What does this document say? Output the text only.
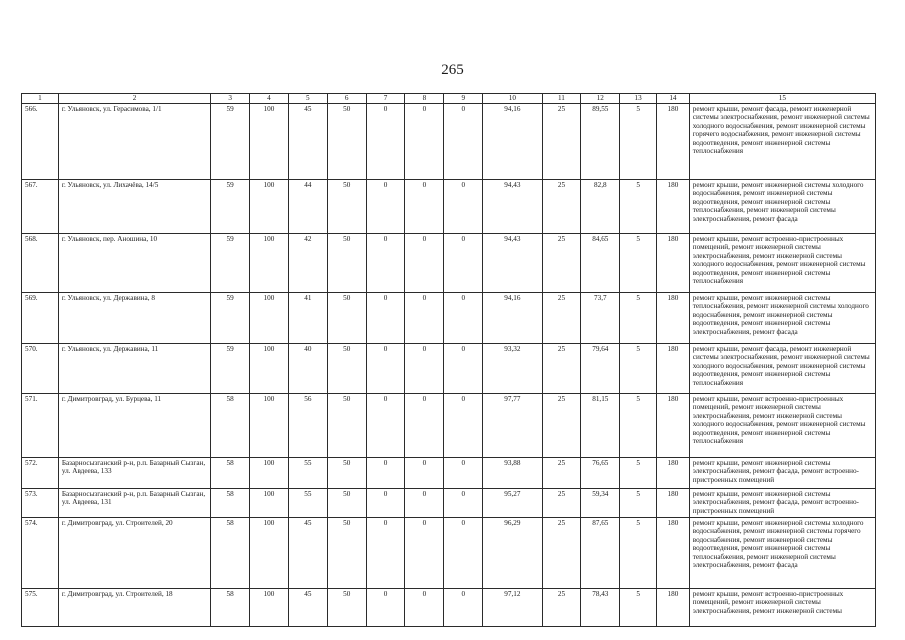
265
1	2	3	4	5	6	7	8	9	10	11	12	13	14	15
566.	г. Ульяновск, ул. Герасимова, 1/1	59	100	45	50	0	0	0	94,16	25	89,55	5	180	ремонт крыши, ремонт фасада, ремонт инженерной системы электроснабжения, ремонт инженерной системы холодного водоснабжения, ремонт инженерной системы горячего водоснабжения, ремонт инженерной системы водоотведения, ремонт инженерной системы теплоснабжения
567.	г. Ульяновск, ул. Лихачёва, 14/5	59	100	44	50	0	0	0	94,43	25	82,8	5	180	ремонт крыши, ремонт инженерной системы холодного водоснабжения, ремонт инженерной системы водоотведения, ремонт инженерной системы теплоснабжения, ремонт инженерной системы электроснабжения, ремонт фасада
568.	г. Ульяновск, пер. Аношина, 10	59	100	42	50	0	0	0	94,43	25	84,65	5	180	ремонт крыши, ремонт встроенно-пристроенных помещений, ремонт инженерной системы электроснабжения, ремонт инженерной системы холодного водоснабжения, ремонт инженерной системы водоотведения, ремонт инженерной системы теплоснабжения
569.	г. Ульяновск, ул. Державина, 8	59	100	41	50	0	0	0	94,16	25	73,7	5	180	ремонт крыши, ремонт инженерной системы теплоснабжения, ремонт инженерной системы холодного водоснабжения, ремонт инженерной системы водоотведения, ремонт инженерной системы электроснабжения, ремонт фасада
570.	г. Ульяновск, ул. Державина, 11	59	100	40	50	0	0	0	93,32	25	79,64	5	180	ремонт крыши, ремонт фасада, ремонт инженерной системы электроснабжения, ремонт инженерной системы холодного водоснабжения, ремонт инженерной системы водоотведения, ремонт инженерной системы теплоснабжения
571.	г. Димитровград, ул. Бурцева, 11	58	100	56	50	0	0	0	97,77	25	81,15	5	180	ремонт крыши, ремонт встроенно-пристроенных помещений, ремонт инженерной системы электроснабжения, ремонт инженерной системы холодного водоснабжения, ремонт инженерной системы водоотведения, ремонт инженерной системы теплоснабжения
572.	Базарносызганский р-н, р.п. Базарный Сызган, ул. Авдеева, 133	58	100	55	50	0	0	0	93,88	25	76,65	5	180	ремонт крыши, ремонт инженерной системы электроснабжения, ремонт фасада, ремонт встроенно-пристроенных помещений
573.	Базарносызганский р-н, р.п. Базарный Сызган, ул. Авдеева, 131	58	100	55	50	0	0	0	95,27	25	59,34	5	180	ремонт крыши, ремонт инженерной системы электроснабжения, ремонт фасада, ремонт встроенно-пристроенных помещений
574.	г. Димитровград, ул. Строителей, 20	58	100	45	50	0	0	0	96,29	25	87,65	5	180	ремонт крыши, ремонт инженерной системы холодного водоснабжения, ремонт инженерной системы горячего водоснабжения, ремонт инженерной системы водоотведения, ремонт инженерной системы теплоснабжения, ремонт инженерной системы электроснабжения, ремонт фасада
575.	г. Димитровград, ул. Строителей, 18	58	100	45	50	0	0	0	97,12	25	78,43	5	180	ремонт крыши, ремонт встроенно-пристроенных помещений, ремонт инженерной системы электроснабжения, ремонт инженерной системы
